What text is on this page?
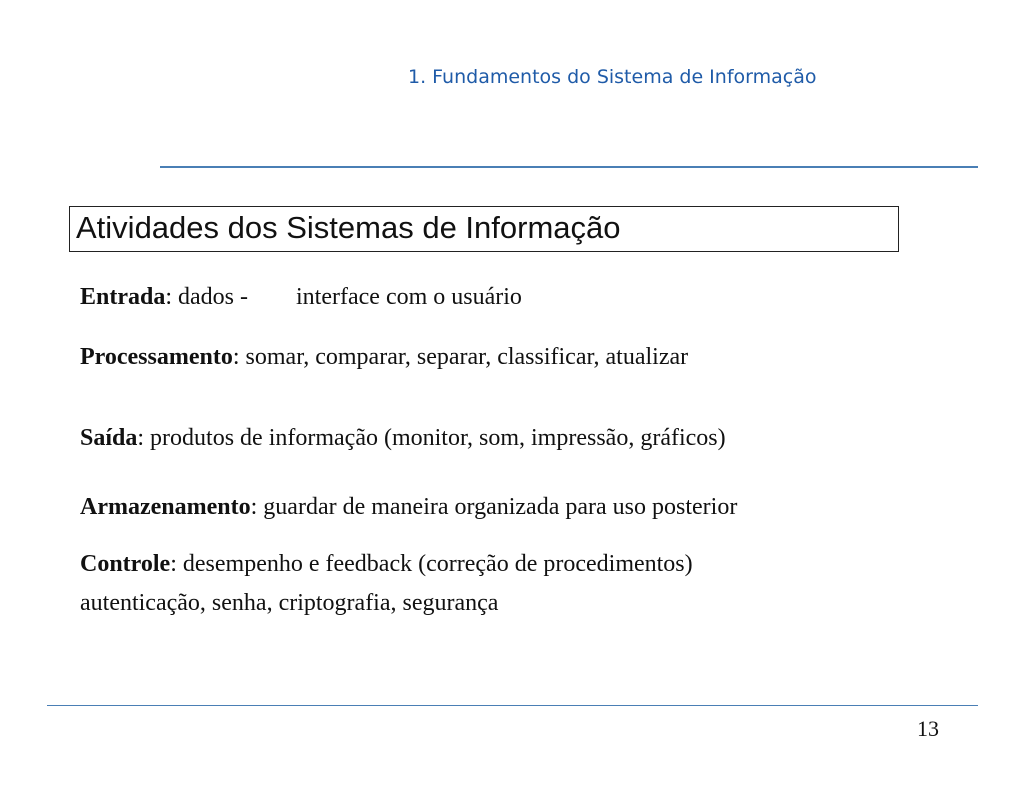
1. Fundamentos do Sistema de Informação
Atividades dos Sistemas de Informação
Entrada: dados - interface com o usuário
Processamento: somar, comparar, separar, classificar, atualizar
Saída: produtos de informação (monitor, som, impressão, gráficos)
Armazenamento: guardar de maneira organizada para uso posterior
Controle: desempenho e feedback (correção de procedimentos)
autenticação, senha, criptografia, segurança
13
